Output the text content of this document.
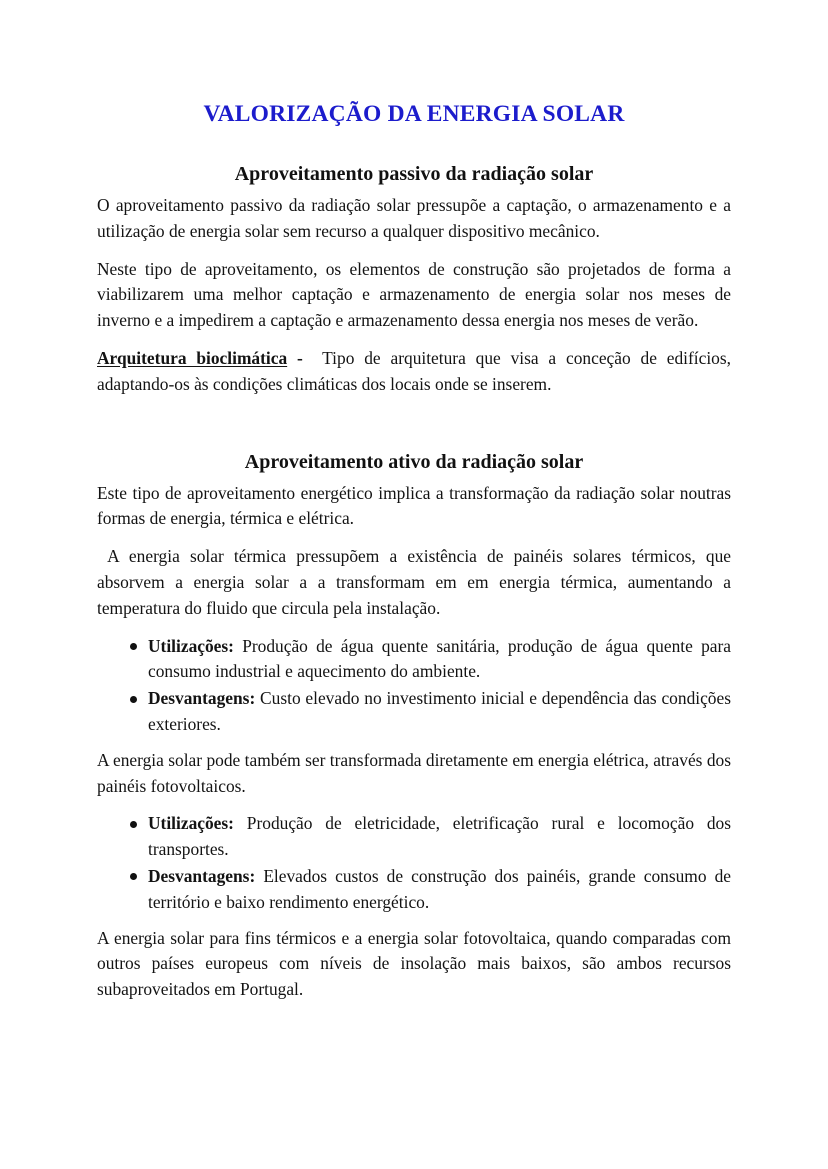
VALORIZAÇÃO DA ENERGIA SOLAR
Aproveitamento passivo da radiação solar

O aproveitamento passivo da radiação solar pressupõe a captação, o armazenamento e a utilização de energia solar sem recurso a qualquer dispositivo mecânico.

Neste tipo de aproveitamento, os elementos de construção são projetados de forma a viabilizarem uma melhor captação e armazenamento de energia solar nos meses de inverno e a impedirem a captação e armazenamento dessa energia nos meses de verão.

Arquitetura bioclimática - Tipo de arquitetura que visa a conceção de edifícios, adaptando-os às condições climáticas dos locais onde se inserem.

Aproveitamento ativo da radiação solar

Este tipo de aproveitamento energético implica a transformação da radiação solar noutras formas de energia, térmica e elétrica.

A energia solar térmica pressupõem a existência de painéis solares térmicos, que absorvem a energia solar a a transformam em em energia térmica, aumentando a temperatura do fluido que circula pela instalação.

Utilizações: Produção de água quente sanitária, produção de água quente para consumo industrial e aquecimento do ambiente.
Desvantagens: Custo elevado no investimento inicial e dependência das condições exteriores.

A energia solar pode também ser transformada diretamente em energia elétrica, através dos painéis fotovoltaicos.

Utilizações: Produção de eletricidade, eletrificação rural e locomoção dos transportes.
Desvantagens: Elevados custos de construção dos painéis, grande consumo de território e baixo rendimento energético.

A energia solar para fins térmicos e a energia solar fotovoltaica, quando comparadas com outros países europeus com níveis de insolação mais baixos, são ambos recursos subaproveitados em Portugal.
